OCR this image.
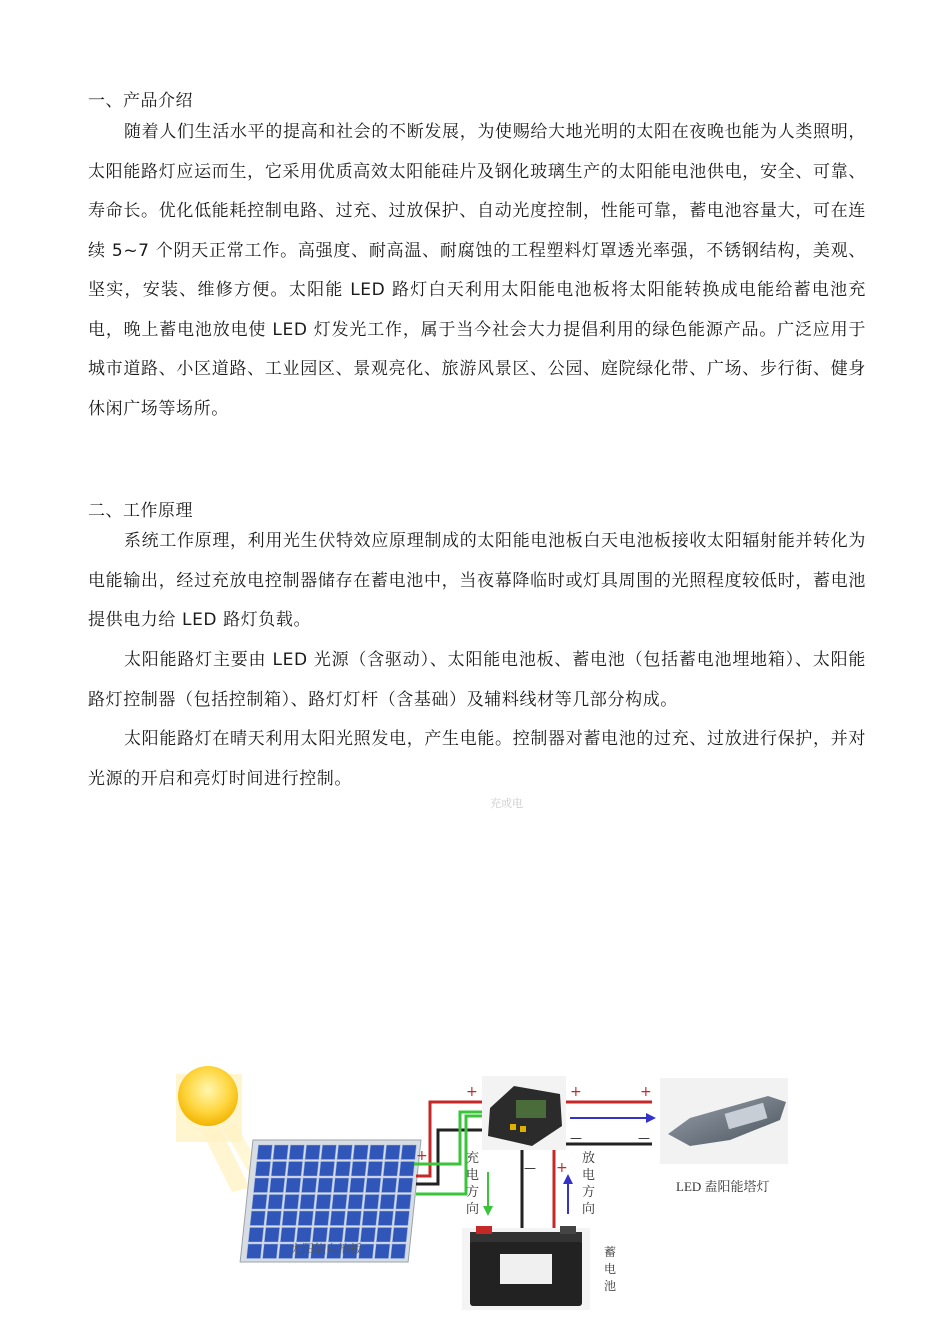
一、产品介绍

随着人们生活水平的提高和社会的不断发展，为使赐给大地光明的太阳在夜晚也能为人类照明，太阳能路灯应运而生，它采用优质高效太阳能硅片及钢化玻璃生产的太阳能电池供电，安全、可靠、寿命长。优化低能耗控制电路、过充、过放保护、自动光度控制，性能可靠，蓄电池容量大，可在连续 5~7 个阴天正常工作。高强度、耐高温、耐腐蚀的工程塑料灯罩透光率强，不锈钢结构，美观、坚实，安装、维修方便。太阳能 LED 路灯白天利用太阳能电池板将太阳能转换成电能给蓄电池充电，晚上蓄电池放电使 LED 灯发光工作，属于当今社会大力提倡利用的绿色能源产品。广泛应用于城市道路、小区道路、工业园区、景观亮化、旅游风景区、公园、庭院绿化带、广场、步行街、健身休闲广场等场所。

二、工作原理

系统工作原理，利用光生伏特效应原理制成的太阳能电池板白天电池板接收太阳辐射能并转化为电能输出，经过充放电控制器储存在蓄电池中，当夜幕降临时或灯具周围的光照程度较低时，蓄电池提供电力给 LED 路灯负载。

太阳能路灯主要由 LED 光源（含驱动）、太阳能电池板、蓄电池（包括蓄电池埋地箱）、太阳能路灯控制器（包括控制箱）、路灯灯杆（含基础）及辅料线材等几部分构成。

太阳能路灯在晴天利用太阳光照发电，产生电能。控制器对蓄电池的过充、过放进行保护，并对光源的开启和亮灯时间进行控制。

充或电
+	+	+
+
+
—	—
—
充电方向
放电方向
LED 盍阳能塔灯
蓄电池
